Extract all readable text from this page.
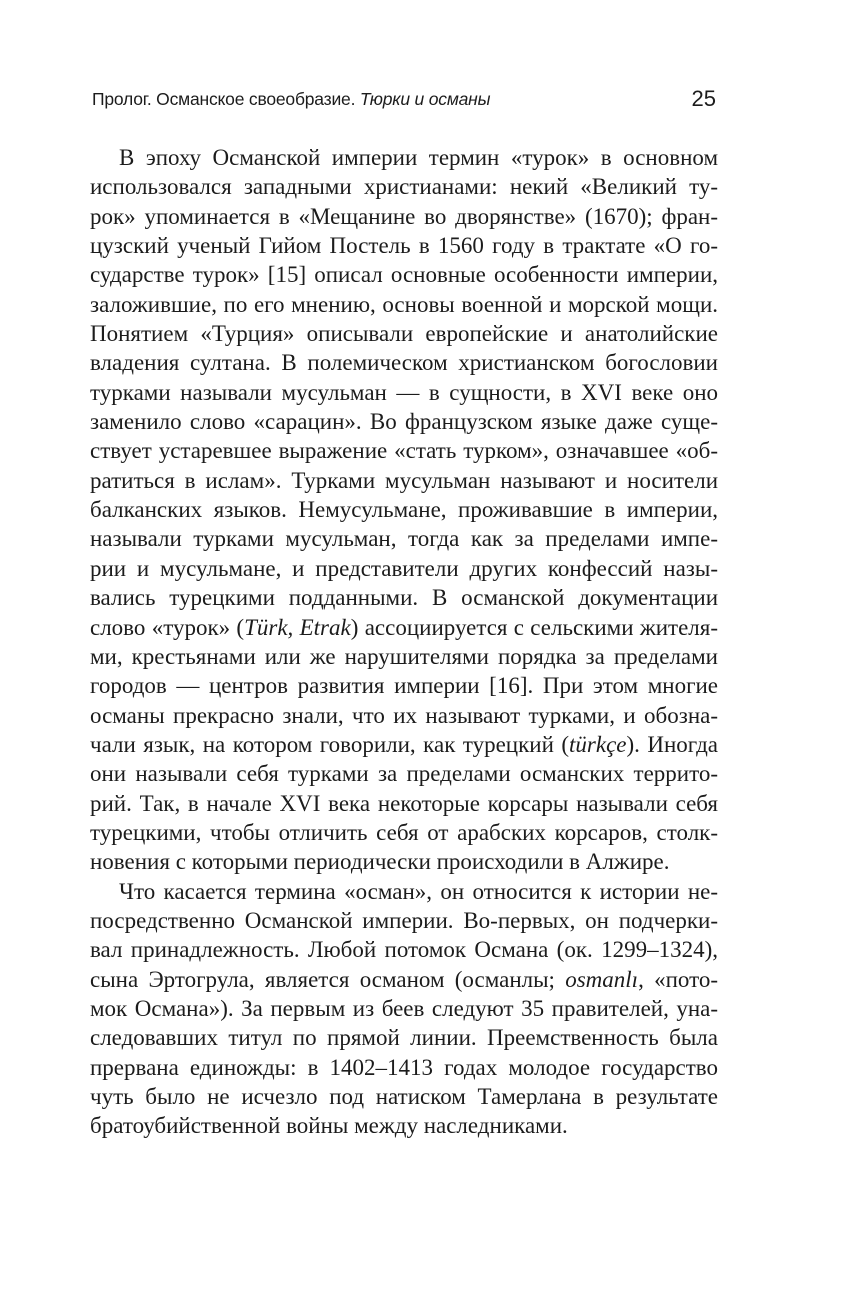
Пролог. Османское своеобразие. Тюрки и османы	25
В эпоху Османской империи термин «турок» в основном
использовался западными христианами: некий «Великий ту-
рок» упоминается в «Мещанине во дворянстве» (1670); фран-
цузский ученый Гийом Постель в 1560 году в трактате «О го-
сударстве турок» [15] описал основные особенности империи,
заложившие, по его мнению, основы военной и морской мощи.
Понятием «Турция» описывали европейские и анатолийские
владения султана. В полемическом христианском богословии
турками называли мусульман — в сущности, в XVI веке оно
заменило слово «сарацин». Во французском языке даже суще-
ствует устаревшее выражение «стать турком», означавшее «об-
ратиться в ислам». Турками мусульман называют и носители
балканских языков. Немусульмане, проживавшие в империи,
называли турками мусульман, тогда как за пределами импе-
рии и мусульмане, и представители других конфессий назы-
вались турецкими подданными. В османской документации
слово «турок» (Türk, Etrak) ассоциируется с сельскими жителя-
ми, крестьянами или же нарушителями порядка за пределами
городов — центров развития империи [16]. При этом многие
османы прекрасно знали, что их называют турками, и обозна-
чали язык, на котором говорили, как турецкий (türkçe). Иногда
они называли себя турками за пределами османских террито-
рий. Так, в начале XVI века некоторые корсары называли себя
турецкими, чтобы отличить себя от арабских корсаров, столк-
новения с которыми периодически происходили в Алжире.
Что касается термина «осман», он относится к истории не-
посредственно Османской империи. Во-первых, он подчерки-
вал принадлежность. Любой потомок Османа (ок. 1299–1324),
сына Эртогрула, является османом (османлы; osmanlı, «пото-
мок Османа»). За первым из беев следуют 35 правителей, уна-
следовавших титул по прямой линии. Преемственность была
прервана единожды: в 1402–1413 годах молодое государство
чуть было не исчезло под натиском Тамерлана в результате
братоубийственной войны между наследниками.
